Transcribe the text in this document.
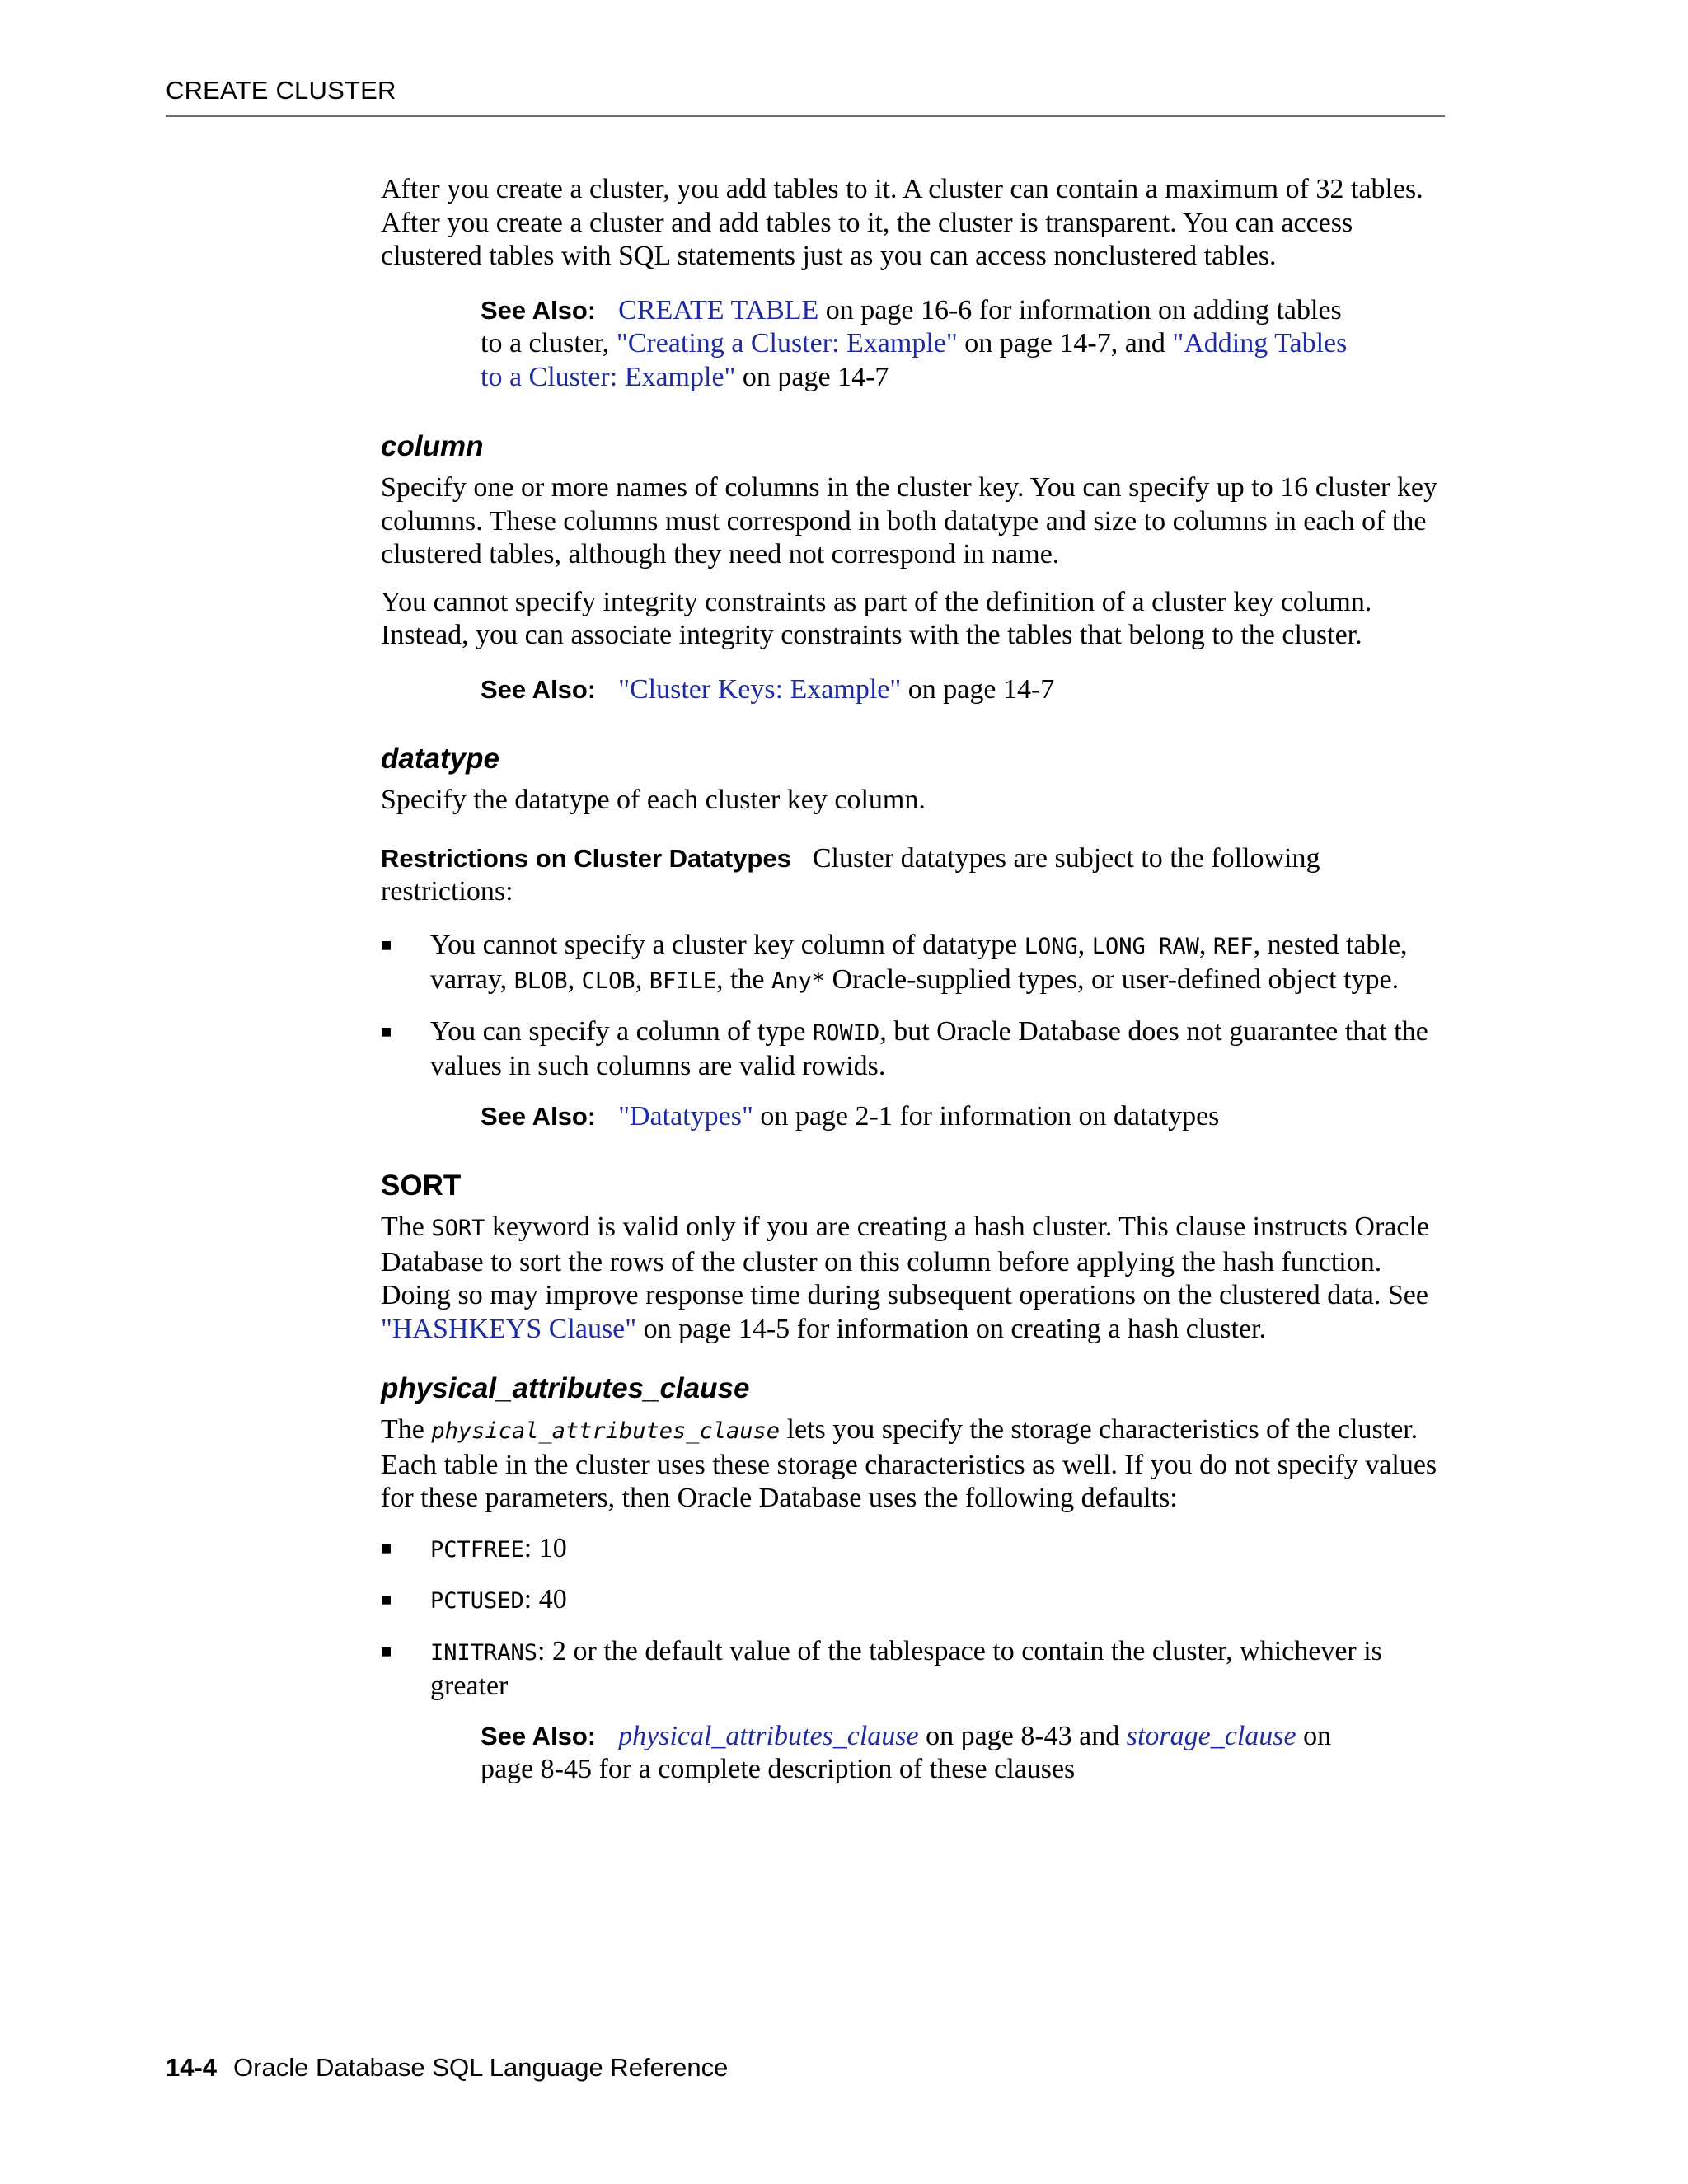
CREATE CLUSTER

After you create a cluster, you add tables to it. A cluster can contain a maximum of 32 tables. After you create a cluster and add tables to it, the cluster is transparent. You can access clustered tables with SQL statements just as you can access nonclustered tables.

See Also: CREATE TABLE on page 16-6 for information on adding tables to a cluster, "Creating a Cluster: Example" on page 14-7, and "Adding Tables to a Cluster: Example" on page 14-7
column

Specify one or more names of columns in the cluster key. You can specify up to 16 cluster key columns. These columns must correspond in both datatype and size to columns in each of the clustered tables, although they need not correspond in name.

You cannot specify integrity constraints as part of the definition of a cluster key column. Instead, you can associate integrity constraints with the tables that belong to the cluster.

See Also: "Cluster Keys: Example" on page 14-7
datatype

Specify the datatype of each cluster key column.

Restrictions on Cluster Datatypes Cluster datatypes are subject to the following restrictions:

■ You cannot specify a cluster key column of datatype LONG, LONG RAW, REF, nested table, varray, BLOB, CLOB, BFILE, the Any* Oracle-supplied types, or user-defined object type.
■ You can specify a column of type ROWID, but Oracle Database does not guarantee that the values in such columns are valid rowids.
See Also: "Datatypes" on page 2-1 for information on datatypes
SORT

The SORT keyword is valid only if you are creating a hash cluster. This clause instructs Oracle Database to sort the rows of the cluster on this column before applying the hash function. Doing so may improve response time during subsequent operations on the clustered data. See "HASHKEYS Clause" on page 14-5 for information on creating a hash cluster.

physical_attributes_clause

The physical_attributes_clause lets you specify the storage characteristics of the cluster. Each table in the cluster uses these storage characteristics as well. If you do not specify values for these parameters, then Oracle Database uses the following defaults:

■ PCTFREE: 10
■ PCTUSED: 40
■ INITRANS: 2 or the default value of the tablespace to contain the cluster, whichever is greater
See Also: physical_attributes_clause on page 8-43 and storage_clause on page 8-45 for a complete description of these clauses
14-4 Oracle Database SQL Language Reference
